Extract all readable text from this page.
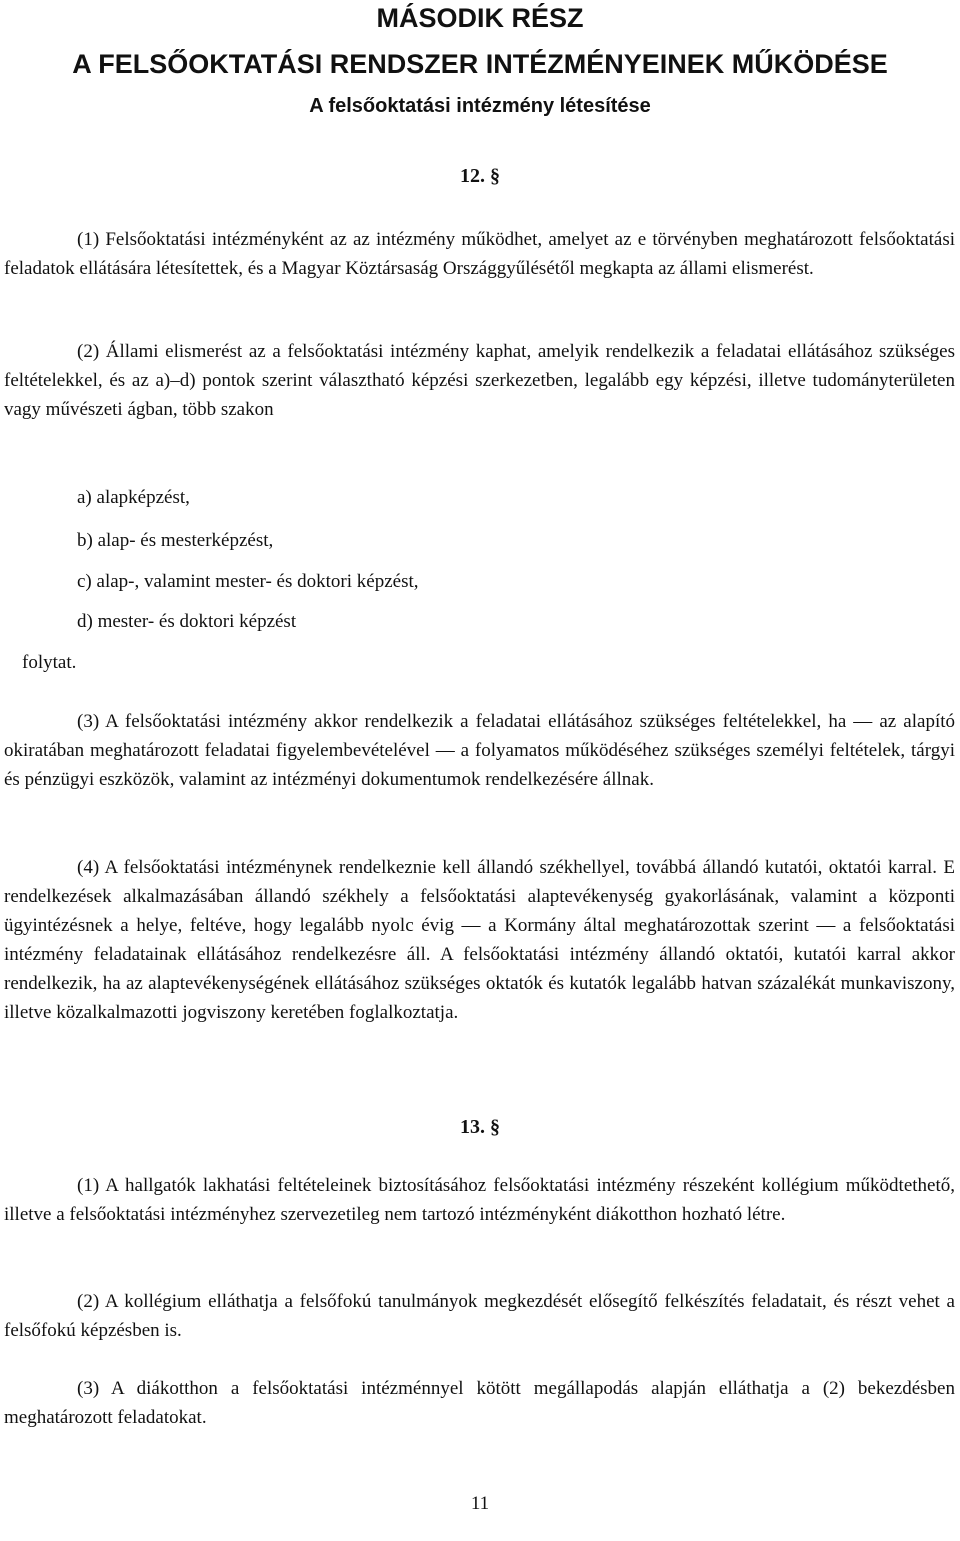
MÁSODIK RÉSZ
A FELSŐOKTATÁSI RENDSZER INTÉZMÉNYEINEK MŰKÖDÉSE
A felsőoktatási intézmény létesítése
12. §

(1) Felsőoktatási intézményként az az intézmény működhet, amelyet az e törvényben meghatározott felsőoktatási feladatok ellátására létesítettek, és a Magyar Köztársaság Országgyűlésétől megkapta az állami elismerést.

(2) Állami elismerést az a felsőoktatási intézmény kaphat, amelyik rendelkezik a feladatai ellátásához szükséges feltételekkel, és az a)–d) pontok szerint választható képzési szerkezetben, legalább egy képzési, illetve tudományterületen vagy művészeti ágban, több szakon

a) alapképzést,

b) alap- és mesterképzést,

c) alap-, valamint mester- és doktori képzést,

d) mester- és doktori képzést

folytat.

(3) A felsőoktatási intézmény akkor rendelkezik a feladatai ellátásához szükséges feltételekkel, ha — az alapító okiratában meghatározott feladatai figyelembevételével — a folyamatos működéséhez szükséges személyi feltételek, tárgyi és pénzügyi eszközök, valamint az intézményi dokumentumok rendelkezésére állnak.

(4) A felsőoktatási intézménynek rendelkeznie kell állandó székhellyel, továbbá állandó kutatói, oktatói karral. E rendelkezések alkalmazásában állandó székhely a felsőoktatási alaptevékenység gyakorlásának, valamint a központi ügyintézésnek a helye, feltéve, hogy legalább nyolc évig — a Kormány által meghatározottak szerint — a felsőoktatási intézmény feladatainak ellátásához rendelkezésre áll. A felsőoktatási intézmény állandó oktatói, kutatói karral akkor rendelkezik, ha az alaptevékenységének ellátásához szükséges oktatók és kutatók legalább hatvan százalékát munkaviszony, illetve közalkalmazotti jogviszony keretében foglalkoztatja.

13. §

(1) A hallgatók lakhatási feltételeinek biztosításához felsőoktatási intézmény részeként kollégium működtethető, illetve a felsőoktatási intézményhez szervezetileg nem tartozó intézményként diákotthon hozható létre.

(2) A kollégium elláthatja a felsőfokú tanulmányok megkezdését elősegítő felkészítés feladatait, és részt vehet a felsőfokú képzésben is.

(3) A diákotthon a felsőoktatási intézménnyel kötött megállapodás alapján elláthatja a (2) bekezdésben meghatározott feladatokat.

11
